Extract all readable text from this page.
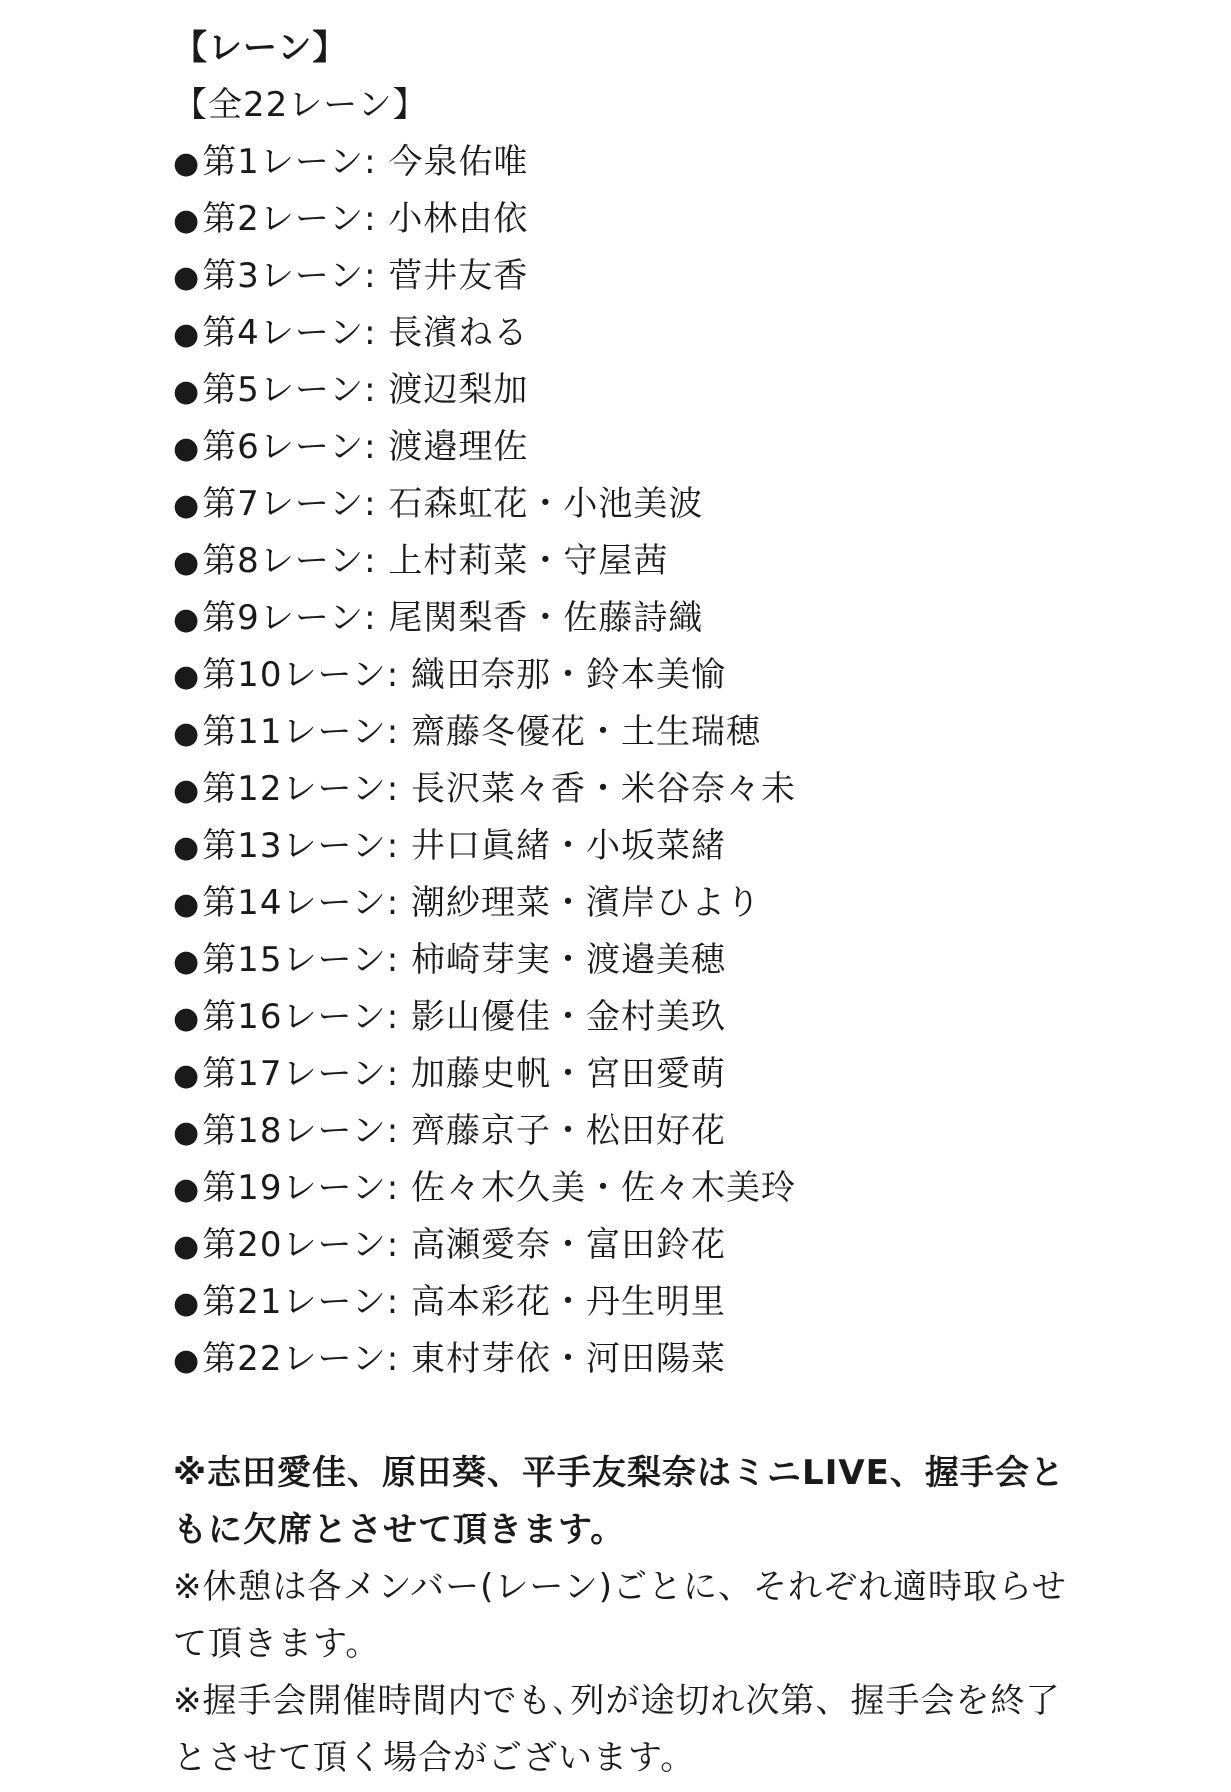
【レーン】
【全22レーン】
●第1レーン: 今泉佑唯
●第2レーン: 小林由依
●第3レーン: 菅井友香
●第4レーン: 長濱ねる
●第5レーン: 渡辺梨加
●第6レーン: 渡邉理佐
●第7レーン: 石森虹花・小池美波
●第8レーン: 上村莉菜・守屋茜
●第9レーン: 尾関梨香・佐藤詩織
●第10レーン: 織田奈那・鈴本美愉
●第11レーン: 齋藤冬優花・土生瑞穂
●第12レーン: 長沢菜々香・米谷奈々未
●第13レーン: 井口眞緒・小坂菜緒
●第14レーン: 潮紗理菜・濱岸ひより
●第15レーン: 柿崎芽実・渡邉美穂
●第16レーン: 影山優佳・金村美玖
●第17レーン: 加藤史帆・宮田愛萌
●第18レーン: 齊藤京子・松田好花
●第19レーン: 佐々木久美・佐々木美玲
●第20レーン: 高瀬愛奈・富田鈴花
●第21レーン: 高本彩花・丹生明里
●第22レーン: 東村芽依・河田陽菜

※志田愛佳、原田葵、平手友梨奈はミニLIVE、握手会ともに欠席とさせて頂きます。

※休憩は各メンバー(レーン)ごとに、それぞれ適時取らせて頂きます。

※握手会開催時間内でも､列が途切れ次第、握手会を終了とさせて頂く場合がございます。
